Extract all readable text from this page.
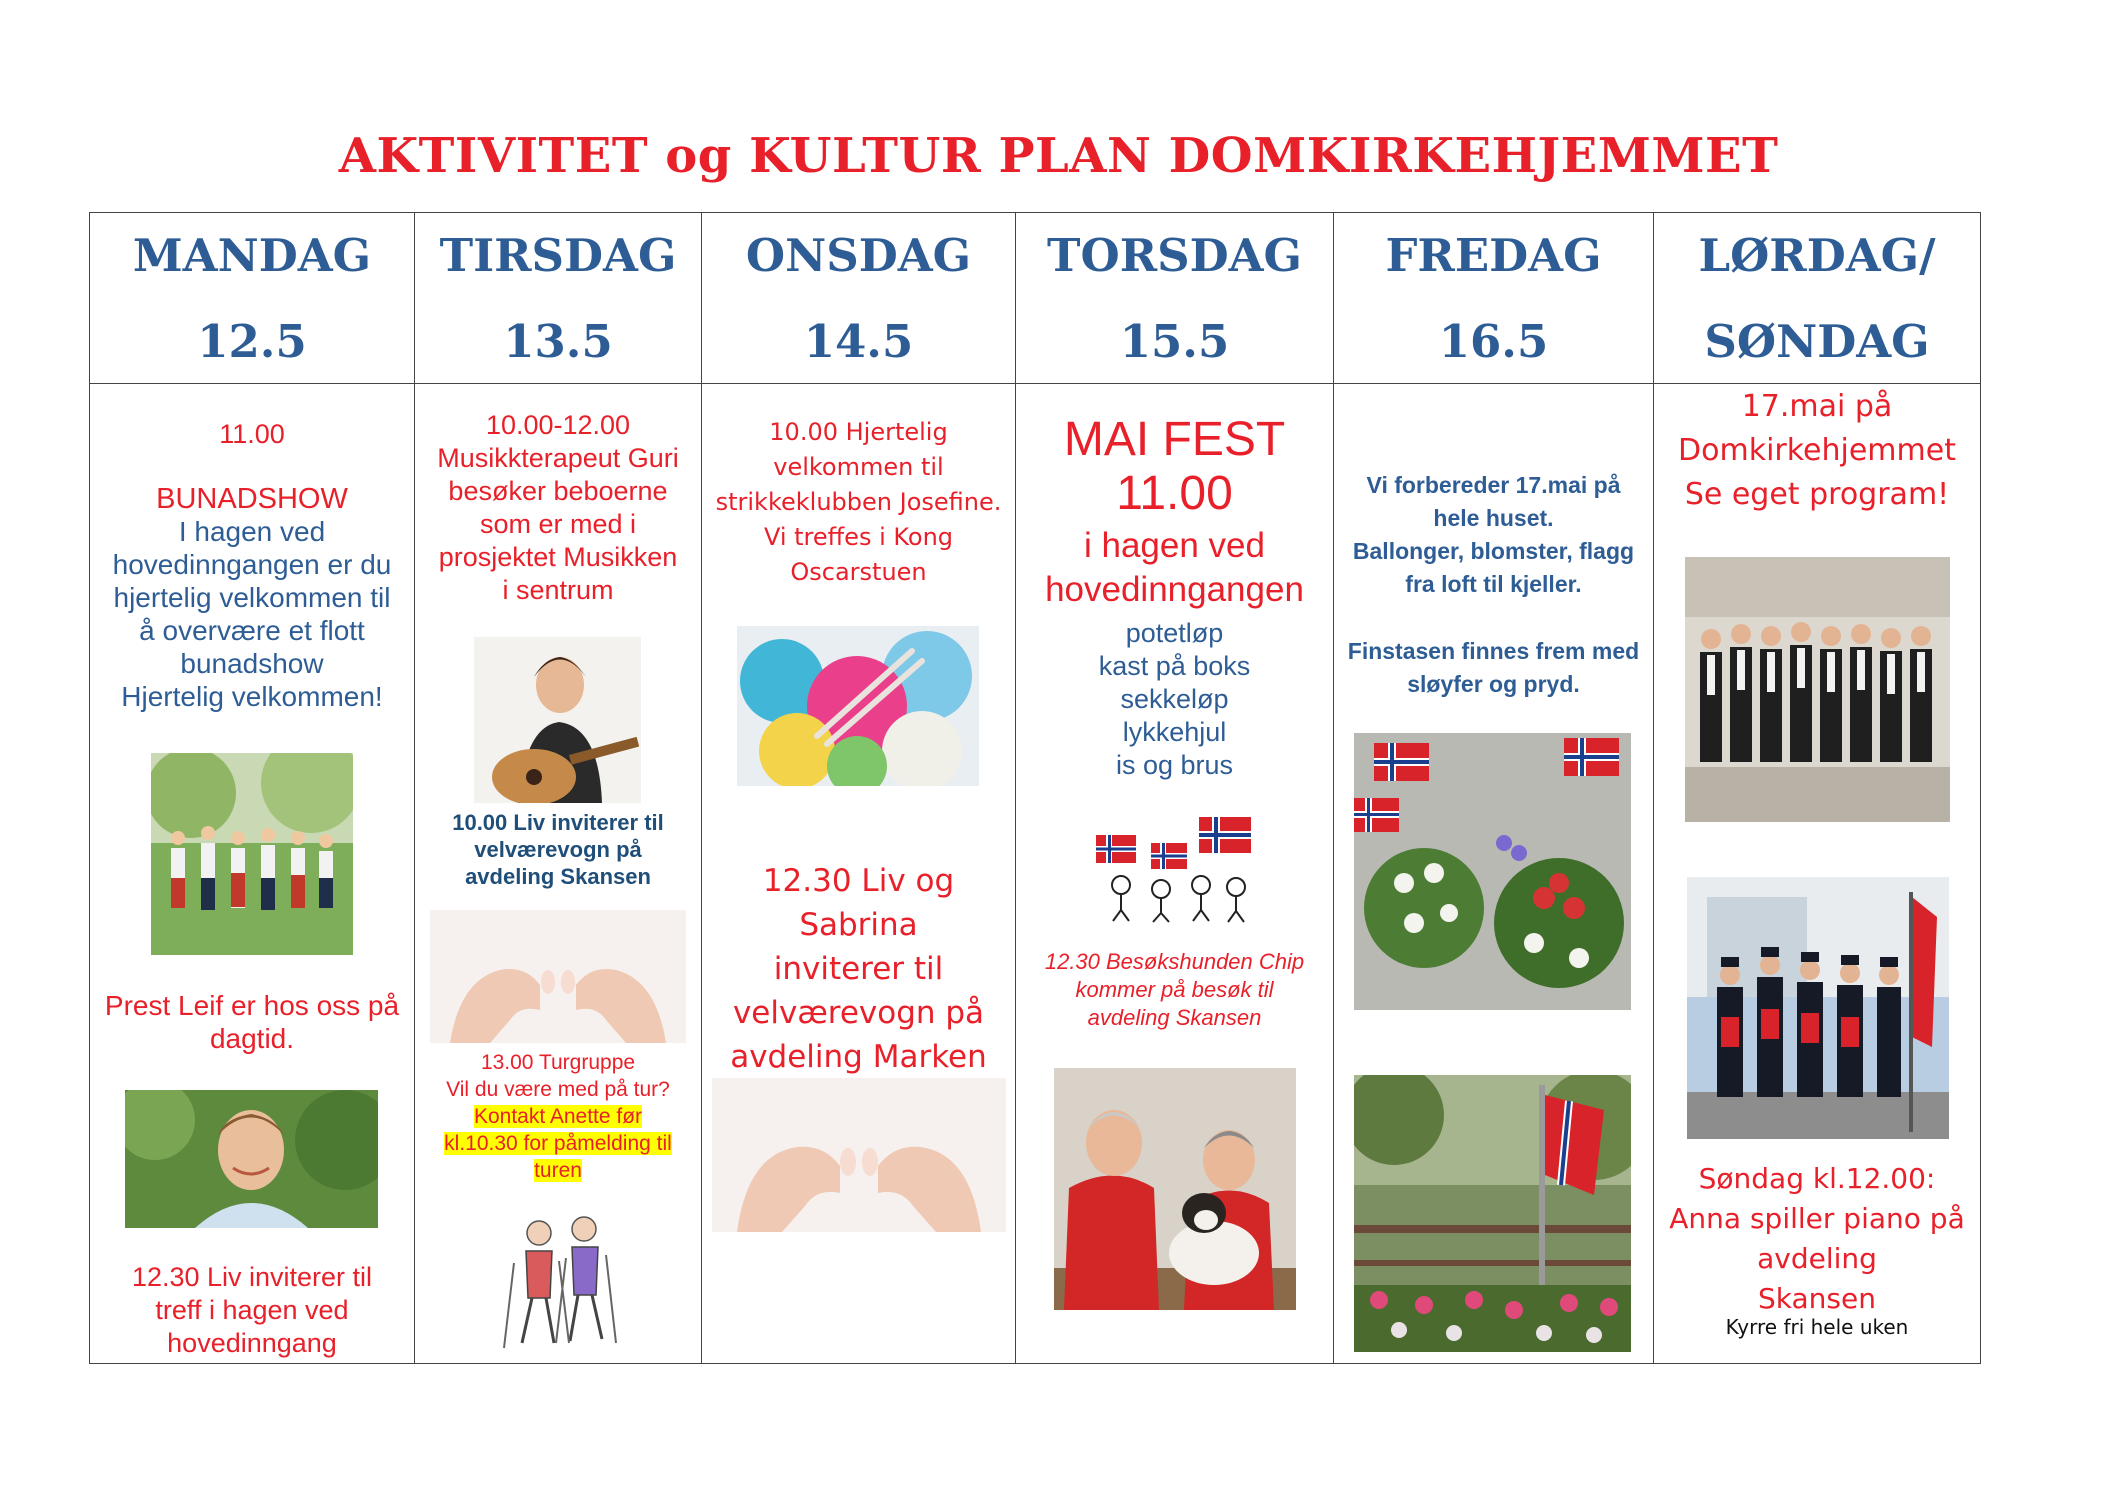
AKTIVITET og KULTUR PLAN DOMKIRKEHJEMMET
MANDAG
12.5
11.00
BUNADSHOW
I hagen ved
hovedinngangen er du
hjertelig velkommen til
å overvære et flott
bunadshow
Hjertelig velkommen!
Prest Leif er hos oss på
dagtid.
12.30 Liv inviterer til
treff i hagen ved
hovedinngang
TIRSDAG
13.5
10.00-12.00
Musikkterapeut Guri
besøker beboerne
som er med i
prosjektet Musikken
i sentrum
10.00 Liv inviterer til
velværevogn på
avdeling Skansen
13.00 Turgruppe
Vil du være med på tur?
Kontakt Anette før
kl.10.30 for påmelding til
turen
ONSDAG
14.5
10.00 Hjertelig
velkommen til
strikkeklubben Josefine.
Vi treffes i Kong
Oscarstuen
12.30 Liv og Sabrina
inviterer til
velværevogn på
avdeling Marken
TORSDAG
15.5
MAI FEST
11.00
i hagen ved
hovedinngangen
potetløp
kast på boks
sekkeløp
lykkehjul
is og brus
12.30 Besøkshunden Chip
kommer på besøk til
avdeling Skansen
FREDAG
16.5
Vi forbereder 17.mai på
hele huset.
Ballonger, blomster, flagg
fra loft til kjeller.
Finstasen finnes frem med
sløyfer og pryd.
LØRDAG/
SØNDAG
17.mai på
Domkirkehjemmet
Se eget program!
Søndag kl.12.00:
Anna spiller piano på
avdeling
Skansen
Kyrre fri hele uken
